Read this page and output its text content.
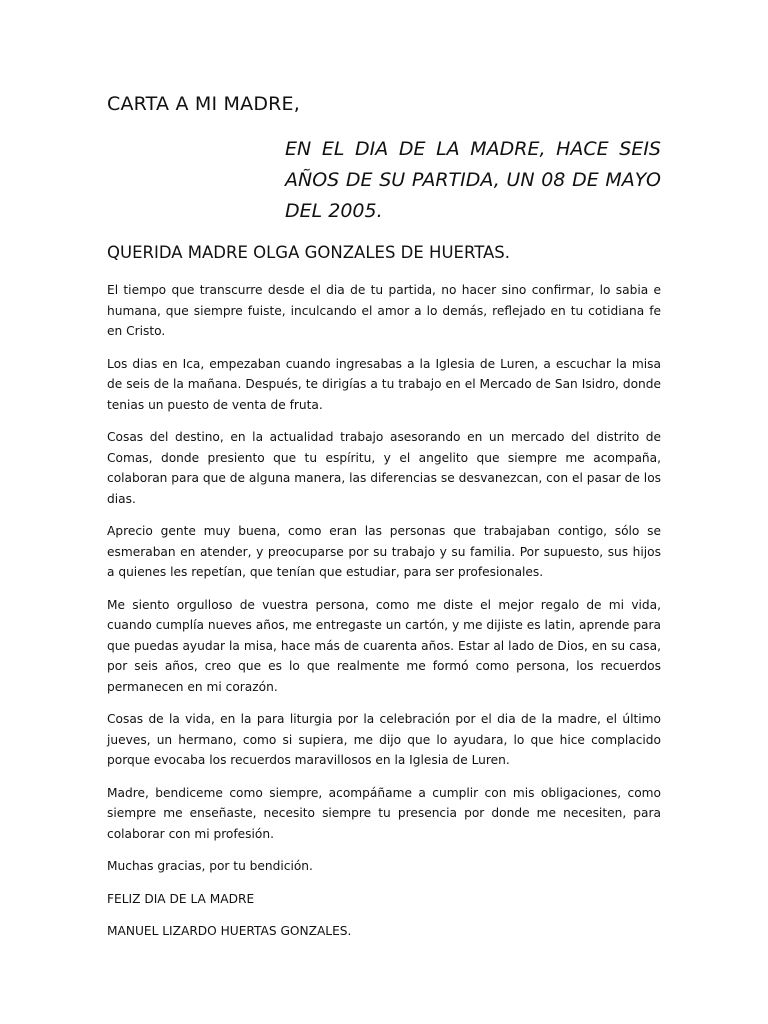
CARTA A MI MADRE,

EN EL DIA DE LA MADRE, HACE SEIS AÑOS DE SU PARTIDA, UN 08 DE MAYO DEL 2005.

QUERIDA MADRE OLGA GONZALES DE HUERTAS.

El tiempo que transcurre desde el dia de tu partida, no hacer sino confirmar, lo sabia e humana, que siempre fuiste, inculcando el amor a lo demás, reflejado en tu cotidiana fe en Cristo.

Los dias en Ica, empezaban cuando ingresabas a la Iglesia de Luren, a escuchar la misa de seis de la mañana. Después, te dirigías a tu trabajo en el Mercado de San Isidro, donde tenias un puesto de venta de fruta.

Cosas del destino, en la actualidad trabajo asesorando en un mercado del distrito de Comas, donde presiento que tu espíritu, y el angelito que siempre me acompaña, colaboran para que de alguna manera, las diferencias se desvanezcan, con el pasar de los dias.

Aprecio gente muy buena, como eran las personas que trabajaban contigo, sólo se esmeraban en atender, y preocuparse por su trabajo y su familia. Por supuesto, sus hijos a quienes les repetían, que tenían que estudiar, para ser profesionales.

Me siento orgulloso de vuestra persona, como me diste el mejor regalo de mi vida, cuando cumplía nueves años, me entregaste un cartón, y me dijiste es latin, aprende para que puedas ayudar la misa, hace más de cuarenta años. Estar al lado de Dios, en su casa, por seis años, creo que es lo que realmente me formó como persona, los recuerdos permanecen en mi corazón.

Cosas de la vida, en la para liturgia por la celebración por el dia de la madre, el último jueves, un hermano, como si supiera, me dijo que lo ayudara, lo que hice complacido porque evocaba los recuerdos maravillosos en la Iglesia de Luren.

Madre, bendiceme como siempre, acompáñame a cumplir con mis obligaciones, como siempre me enseñaste, necesito siempre tu presencia por donde me necesiten, para colaborar con mi profesión.

Muchas gracias, por tu bendición.

FELIZ DIA DE LA MADRE

MANUEL LIZARDO HUERTAS GONZALES.
